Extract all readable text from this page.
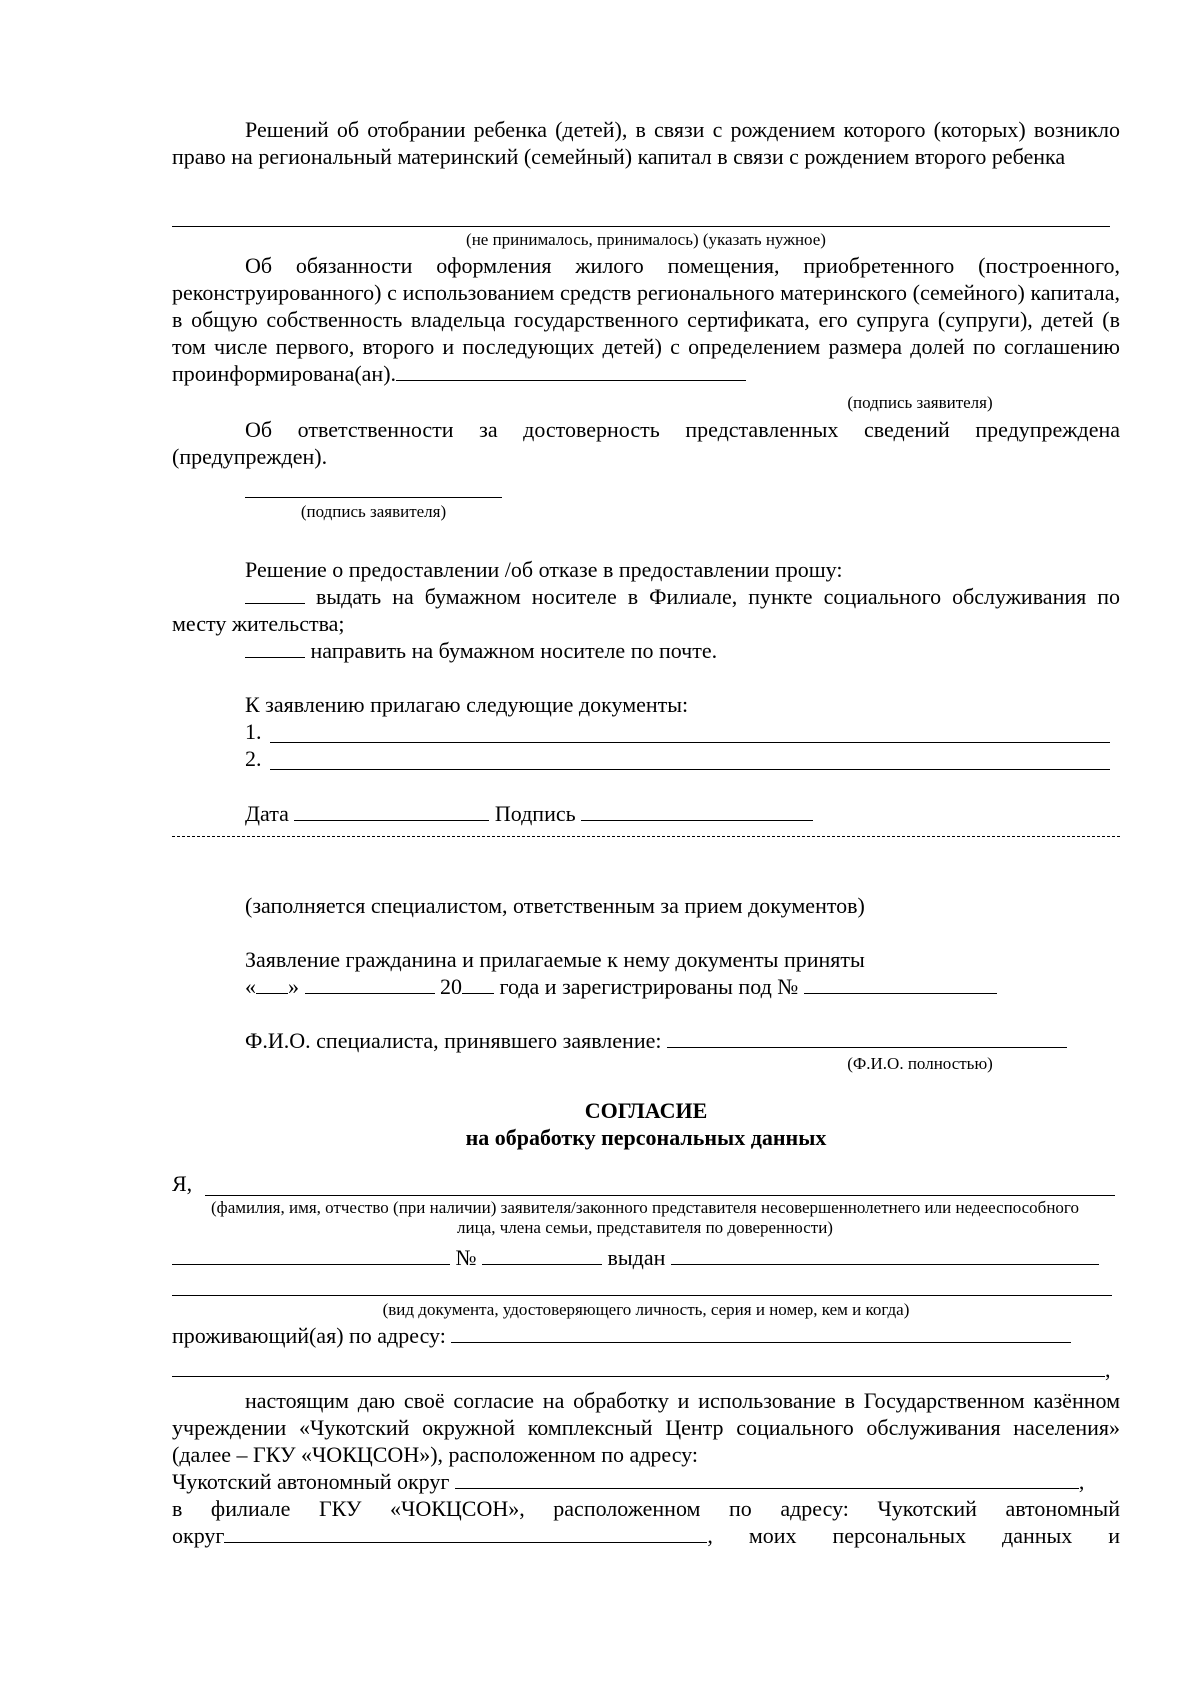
Решений об отобрании ребенка (детей), в связи с рождением которого (которых) возникло право на региональный материнский (семейный) капитал в связи с рождением второго ребенка

(не принималось, принималось) (указать нужное)

Об обязанности оформления жилого помещения, приобретенного (построенного, реконструированного) с использованием средств регионального материнского (семейного) капитала, в общую собственность владельца государственного сертификата, его супруга (супруги), детей (в том числе первого, второго и последующих детей) с определением размера долей по соглашению проинформирована(ан).

(подпись заявителя)

Об ответственности за достоверность представленных сведений предупреждена (предупрежден).

(подпись заявителя)
Решение о предоставлении /об отказе в предоставлении прошу:
выдать на бумажном носителе в Филиале, пункте социального обслуживания по месту жительства;
направить на бумажном носителе по почте.
К заявлению прилагаю следующие документы:
1.
2.
Дата	Подпись
(заполняется специалистом, ответственным за прием документов)
Заявление гражданина и прилагаемые к нему документы приняты
« »	20 года и зарегистрированы под №
Ф.И.О. специалиста, принявшего заявление:
(Ф.И.О. полностью)
СОГЛАСИЕ
на обработку персональных данных
Я,
(фамилия, имя, отчество (при наличии) заявителя/законного представителя несовершеннолетнего или недееспособного лица, члена семьи, представителя по доверенности)
№	выдан
(вид документа, удостоверяющего личность, серия и номер, кем и когда)
проживающий(ая) по адресу:
,

настоящим даю своё согласие на обработку и использование в Государственном казённом учреждении «Чукотский окружной комплексный Центр социального обслуживания населения» (далее – ГКУ «ЧОКЦСОН»), расположенном по адресу:

Чукотский автономный округ	,
в филиале ГКУ «ЧОКЦСОН», расположенном по адресу: Чукотский автономный
округ	, моих персональных данных и
